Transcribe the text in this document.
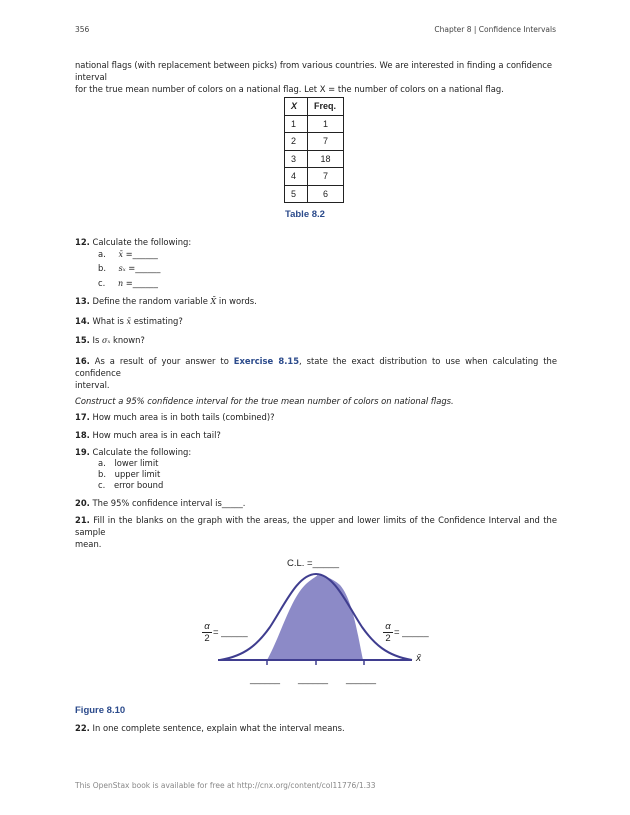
356	Chapter 8 | Confidence Intervals
national flags (with replacement between picks) from various countries. We are interested in finding a confidence interval
for the true mean number of colors on a national flag. Let X = the number of colors on a national flag.
X	Freq.
1	1
2	7
3	18
4	7
5	6
Table 8.2
12. Calculate the following:
a. x̄ =______
b. sₓ =______
c. n =______
13. Define the random variable X̄ in words.
14. What is x̄ estimating?
15. Is σₓ known?
16. As a result of your answer to Exercise 8.15, state the exact distribution to use when calculating the confidence
interval.
Construct a 95% confidence interval for the true mean number of colors on national flags.
17. How much area is in both tails (combined)?
18. How much area is in each tail?
19. Calculate the following:
a. lower limit
b. upper limit
c. error bound
20. The 95% confidence interval is_____.
21. Fill in the blanks on the graph with the areas, the upper and lower limits of the Confidence Interval and the sample
mean.
C.L. =_____
α
2
= _____
α
2
= _____
x̄
______ ______ ______
Figure 8.10
22. In one complete sentence, explain what the interval means.
This OpenStax book is available for free at http://cnx.org/content/col11776/1.33
